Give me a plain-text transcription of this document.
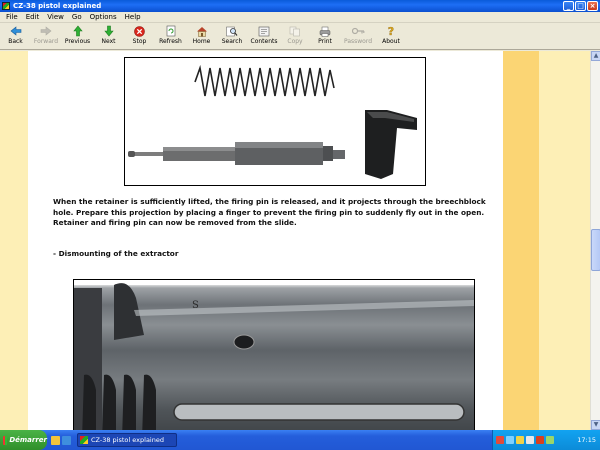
CZ-38 pistol explained	_ □ ×
File	Edit	View	Go	Options	Help
Back Forward Previous Next	Stop Refresh Home Search Contents Copy	Print Password
?
About

When the retainer is sufficiently lifted, the firing pin is released, and it projects through the breechblock hole. Prepare this projection by placing a finger to prevent the firing pin to suddenly fly out in the open. Retainer and firing pin can now be removed from the slide.

- Dismounting of the extractor

S
▲
▼
Démarrer	CZ-38 pistol explained	17:15
